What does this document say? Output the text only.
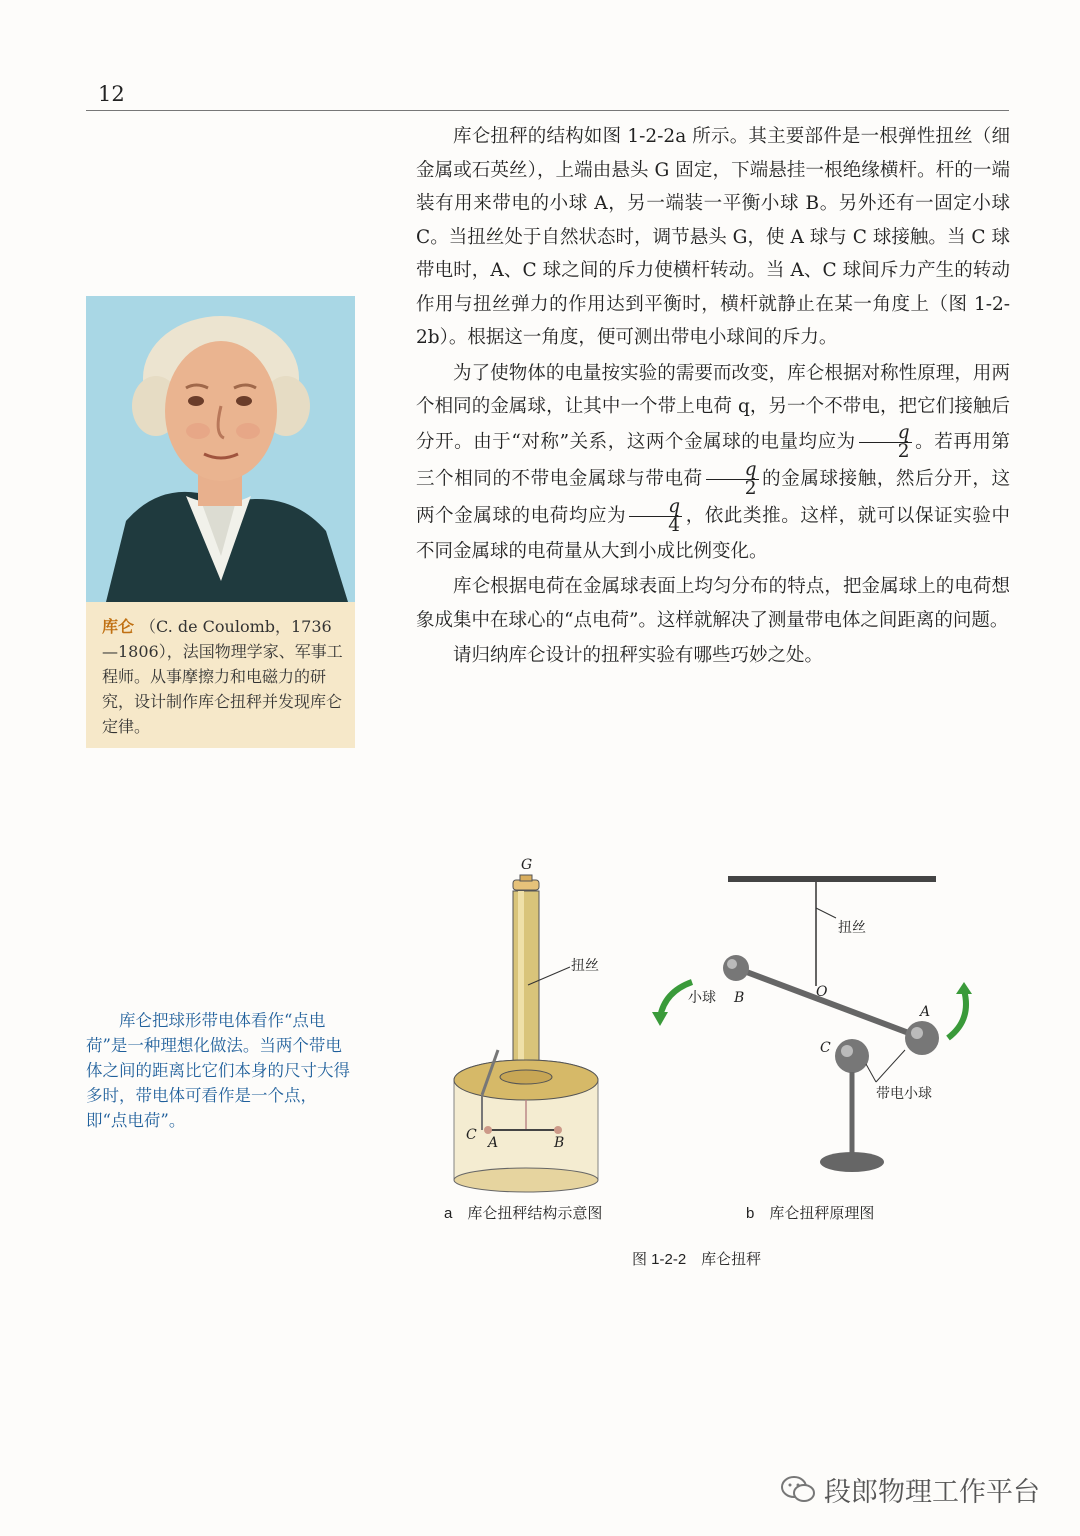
12
库仑 （C. de Coulomb，1736—1806），法国物理学家、军事工程师。从事摩擦力和电磁力的研究，设计制作库仑扭秤并发现库仑定律。
库仑把球形带电体看作“点电荷”是一种理想化做法。当两个带电体之间的距离比它们本身的尺寸大得多时，带电体可看作是一个点，即“点电荷”。

库仑扭秤的结构如图 1-2-2a 所示。其主要部件是一根弹性扭丝（细金属或石英丝），上端由悬头 G 固定，下端悬挂一根绝缘横杆。杆的一端装有用来带电的小球 A，另一端装一平衡小球 B。另外还有一固定小球 C。当扭丝处于自然状态时，调节悬头 G，使 A 球与 C 球接触。当 C 球带电时，A、C 球之间的斥力使横杆转动。当 A、C 球间斥力产生的转动作用与扭丝弹力的作用达到平衡时，横杆就静止在某一角度上（图 1-2-2b）。根据这一角度，便可测出带电小球间的斥力。

为了使物体的电量按实验的需要而改变，库仑根据对称性原理，用两个相同的金属球，让其中一个带上电荷 q，另一个不带电，把它们接触后分开。由于“对称”关系，这两个金属球的电量均应为 $\frac{q}{2}$ 。若再用第三个相同的不带电金属球与带电荷 $\frac{q}{2}$ 的金属球接触，然后分开，这两个金属球的电荷均应为 $\frac{q}{4}$ ，依此类推。这样，就可以保证实验中不同金属球的电荷量从大到小成比例变化。

库仑根据电荷在金属球表面上均匀分布的特点，把金属球上的电荷想象成集中在球心的“点电荷”。这样就解决了测量带电体之间距离的问题。

请归纳库仑设计的扭秤实验有哪些巧妙之处。

G
扭丝
C A	B
a　库仑扭秤结构示意图
扭丝
O
小球 B
A
C
带电小球
b　库仑扭秤原理图
图 1-2-2　库仑扭秤
段郎物理工作平台
